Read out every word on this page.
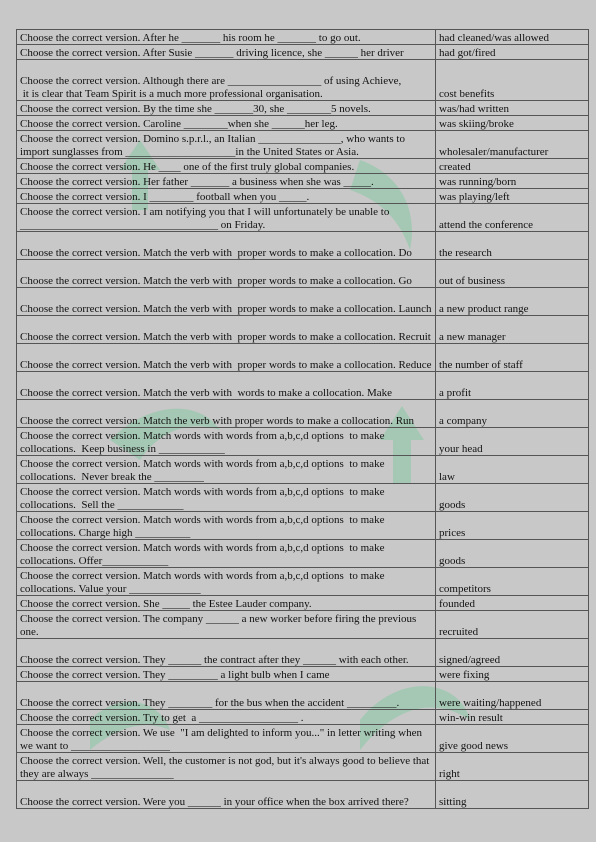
Choose the correct version. After he _______ his room he _______ to go out.	had cleaned/was allowed
Choose the correct version. After Susie _______ driving licence, she ______ her driver	had got/fired
Choose the correct version. Although there are _________________ of using Achieve,
it is clear that Team Spirit is a much more professional organisation.	cost benefits
Choose the correct version. By the time she _______30, she ________5 novels.	was/had written
Choose the correct version. Caroline ________when she ______her leg.	was skiing/broke
Choose the correct version. Domino s.p.r.l., an Italian _______________, who wants to import sunglasses from ____________________in the United States or Asia.	wholesaler/manufacturer
Choose the correct version. He ____ one of the first truly global companies.	created
Choose the correct version. Her father _______ a business when she was _____.	was running/born
Choose the correct version. I ________ football when you _____.	was playing/left
Choose the correct version. I am notifying you that I will unfortunately be unable to ____________________________________ on Friday.	attend the conference
Choose the correct version. Match the verb with  proper words to make a collocation. Do	the research
Choose the correct version. Match the verb with  proper words to make a collocation. Go	out of business
Choose the correct version. Match the verb with  proper words to make a collocation. Launch	a new product range
Choose the correct version. Match the verb with  proper words to make a collocation. Recruit	a new manager
Choose the correct version. Match the verb with  proper words to make a collocation. Reduce	the number of staff
Choose the correct version. Match the verb with  words to make a collocation. Make	a profit
Choose the correct version. Match the verb with proper words to make a collocation. Run	a company
Choose the correct version. Match words with words from a,b,c,d options  to make collocations.  Keep business in ____________	your head
Choose the correct version. Match words with words from a,b,c,d options  to make collocations.  Never break the _________	law
Choose the correct version. Match words with words from a,b,c,d options  to make collocations.  Sell the ____________	goods
Choose the correct version. Match words with words from a,b,c,d options  to make collocations. Charge high __________	prices
Choose the correct version. Match words with words from a,b,c,d options  to make collocations. Offer____________	goods
Choose the correct version. Match words with words from a,b,c,d options  to make collocations. Value your _____________	competitors
Choose the correct version. She _____ the Estee Lauder company.	founded
Choose the correct version. The company ______ a new worker before firing the previous one.	recruited
Choose the correct version. They ______ the contract after they ______ with each other.	signed/agreed
Choose the correct version. They _________ a light bulb when I came	were fixing
Choose the correct version. They ________ for the bus when the accident _________.	were waiting/happened
Choose the correct version. Try to get  a __________________ .	win-win result
Choose the correct version. We use  "I am delighted to inform you..." in letter writing when we want to __________________	give good news
Choose the correct version. Well, the customer is not god, but it's always good to believe that they are always _______________	right
Choose the correct version. Were you ______ in your office when the box arrived there?	sitting
